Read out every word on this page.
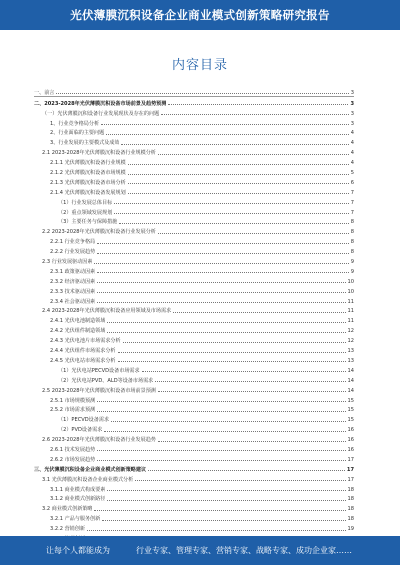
光伏薄膜沉积设备企业商业模式创新策略研究报告
内容目录
一、前言	3
二、2023-2028年光伏薄膜沉积设备市场前景及趋势预测	3
（一）光伏薄膜沉积设备行业发展现状及存在的问题	3
1、行业竞争格局分析	3
2、行业面临的主要问题	4
3、行业发展的主要模式及成效	4
2.1 2023-2028年光伏薄膜沉积设备行业规模分析	4
2.1.1 光伏薄膜沉积设备行业规模	4
2.1.2 光伏薄膜沉积设备市场规模	5
2.1.3 光伏薄膜沉积设备市场分析	6
2.1.4 光伏薄膜沉积设备发展规划	7
（1）行业发展总体目标	7
（2）重点领域发展规划	7
（3）主要任务与保障措施	8
2.2 2023-2028年光伏薄膜沉积设备行业发展分析	8
2.2.1 行业竞争格局	8
2.2.2 行业发展趋势	8
2.3 行业发展驱动因素	9
2.3.1 政策驱动因素	9
2.3.2 经济驱动因素	10
2.3.3 技术驱动因素	10
2.3.4 社会驱动因素	11
2.4 2023-2028年光伏薄膜沉积设备应用领域及市场需求	11
2.4.1 光伏电池制造领域	11
2.4.2 光伏组件制造领域	12
2.4.3 光伏电池片市场需求分析	12
2.4.4 光伏组件市场需求分析	13
2.4.5 光伏电站市场需求分析	13
（1）光伏电站PECVD设备市场需求	14
（2）光伏电站PVD、ALD等设备市场需求	14
2.5 2023-2028年光伏薄膜沉积设备市场前景预测	14
2.5.1 市场规模预测	15
2.5.2 市场需求预测	15
（1）PECVD设备需求	15
（2）PVD设备需求	16
2.6 2023-2028年光伏薄膜沉积设备行业发展趋势	16
2.6.1 技术发展趋势	16
2.6.2 市场发展趋势	17
三、光伏薄膜沉积设备企业商业模式创新策略建议	17
3.1 光伏薄膜沉积设备企业商业模式分析	17
3.1.1 商业模式构成要素	18
3.1.2 商业模式创新路径	18
3.2 商业模式创新策略	18
3.2.1 产品与服务创新	18
3.2.2 营销创新	19
让每个人都能成为	行业专家、管理专家、营销专家、战略专家、成功企业家……
